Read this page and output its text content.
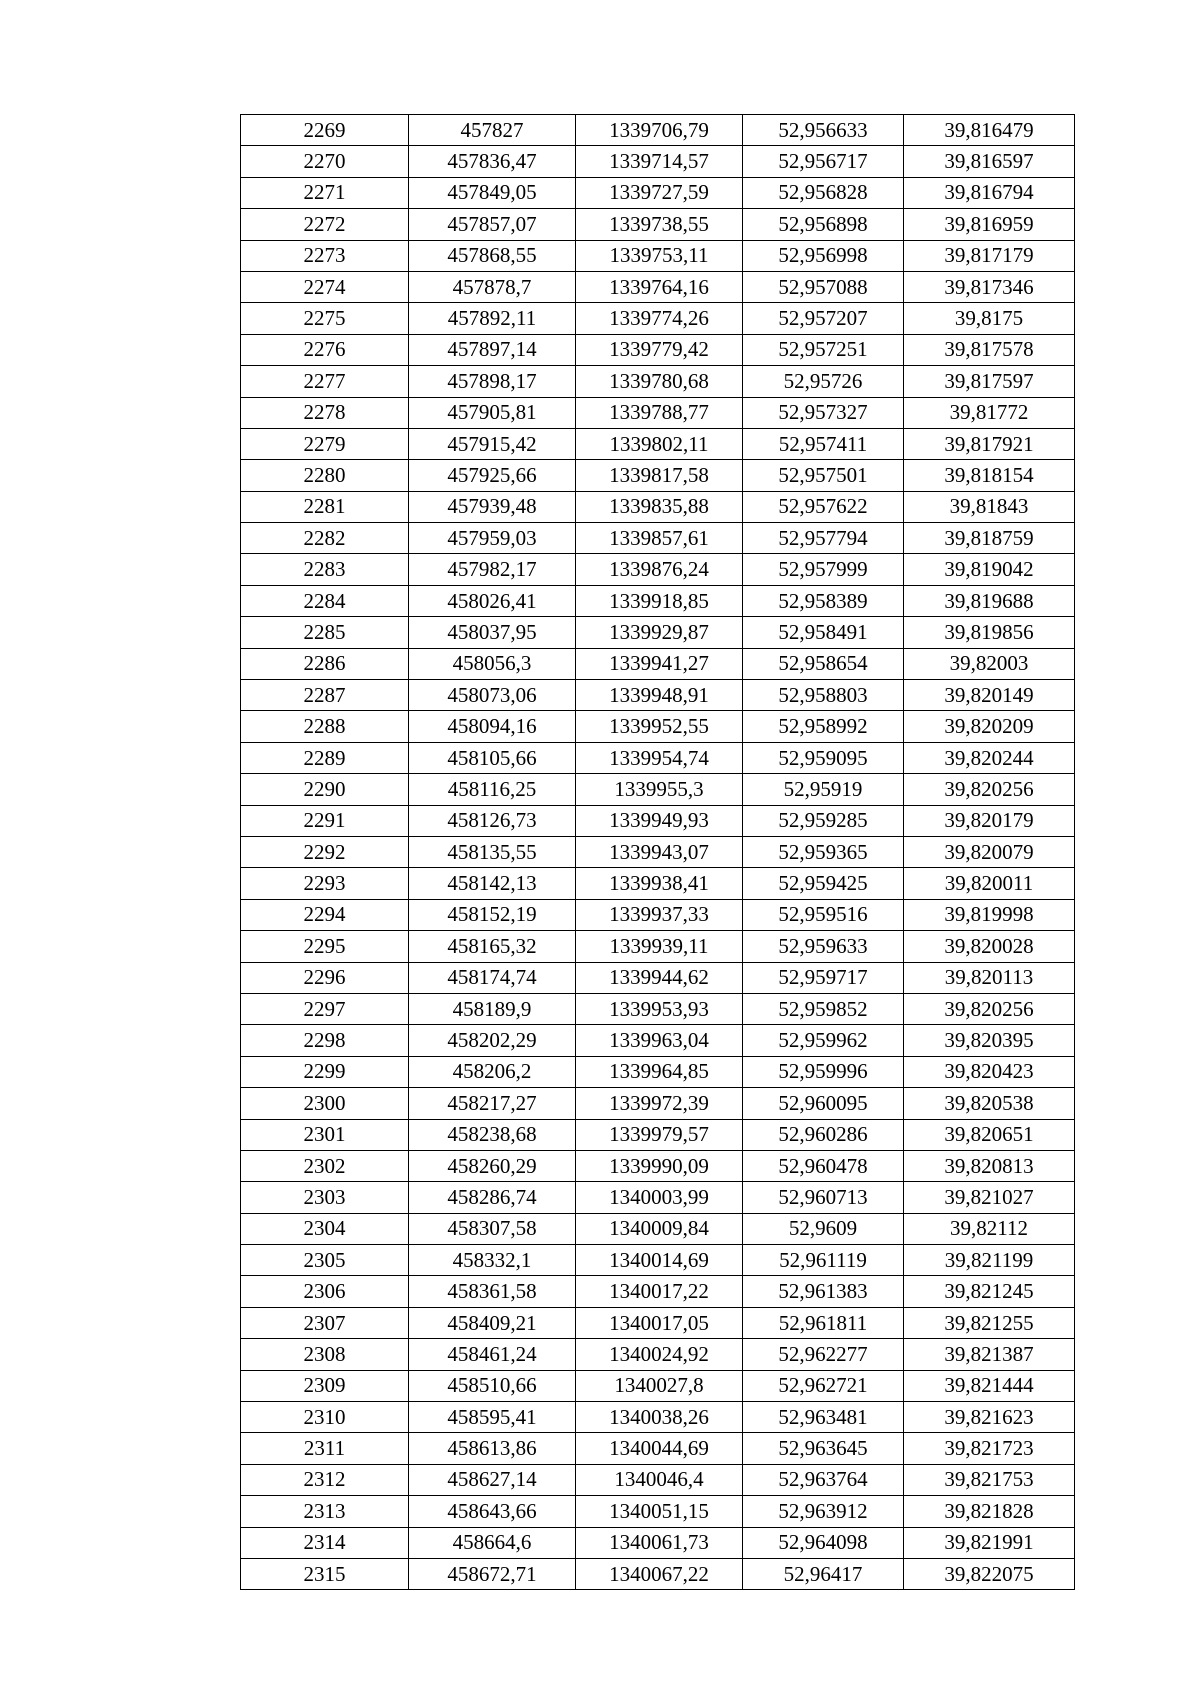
2269	457827	1339706,79	52,956633	39,816479
2270	457836,47	1339714,57	52,956717	39,816597
2271	457849,05	1339727,59	52,956828	39,816794
2272	457857,07	1339738,55	52,956898	39,816959
2273	457868,55	1339753,11	52,956998	39,817179
2274	457878,7	1339764,16	52,957088	39,817346
2275	457892,11	1339774,26	52,957207	39,8175
2276	457897,14	1339779,42	52,957251	39,817578
2277	457898,17	1339780,68	52,95726	39,817597
2278	457905,81	1339788,77	52,957327	39,81772
2279	457915,42	1339802,11	52,957411	39,817921
2280	457925,66	1339817,58	52,957501	39,818154
2281	457939,48	1339835,88	52,957622	39,81843
2282	457959,03	1339857,61	52,957794	39,818759
2283	457982,17	1339876,24	52,957999	39,819042
2284	458026,41	1339918,85	52,958389	39,819688
2285	458037,95	1339929,87	52,958491	39,819856
2286	458056,3	1339941,27	52,958654	39,82003
2287	458073,06	1339948,91	52,958803	39,820149
2288	458094,16	1339952,55	52,958992	39,820209
2289	458105,66	1339954,74	52,959095	39,820244
2290	458116,25	1339955,3	52,95919	39,820256
2291	458126,73	1339949,93	52,959285	39,820179
2292	458135,55	1339943,07	52,959365	39,820079
2293	458142,13	1339938,41	52,959425	39,820011
2294	458152,19	1339937,33	52,959516	39,819998
2295	458165,32	1339939,11	52,959633	39,820028
2296	458174,74	1339944,62	52,959717	39,820113
2297	458189,9	1339953,93	52,959852	39,820256
2298	458202,29	1339963,04	52,959962	39,820395
2299	458206,2	1339964,85	52,959996	39,820423
2300	458217,27	1339972,39	52,960095	39,820538
2301	458238,68	1339979,57	52,960286	39,820651
2302	458260,29	1339990,09	52,960478	39,820813
2303	458286,74	1340003,99	52,960713	39,821027
2304	458307,58	1340009,84	52,9609	39,82112
2305	458332,1	1340014,69	52,961119	39,821199
2306	458361,58	1340017,22	52,961383	39,821245
2307	458409,21	1340017,05	52,961811	39,821255
2308	458461,24	1340024,92	52,962277	39,821387
2309	458510,66	1340027,8	52,962721	39,821444
2310	458595,41	1340038,26	52,963481	39,821623
2311	458613,86	1340044,69	52,963645	39,821723
2312	458627,14	1340046,4	52,963764	39,821753
2313	458643,66	1340051,15	52,963912	39,821828
2314	458664,6	1340061,73	52,964098	39,821991
2315	458672,71	1340067,22	52,96417	39,822075
